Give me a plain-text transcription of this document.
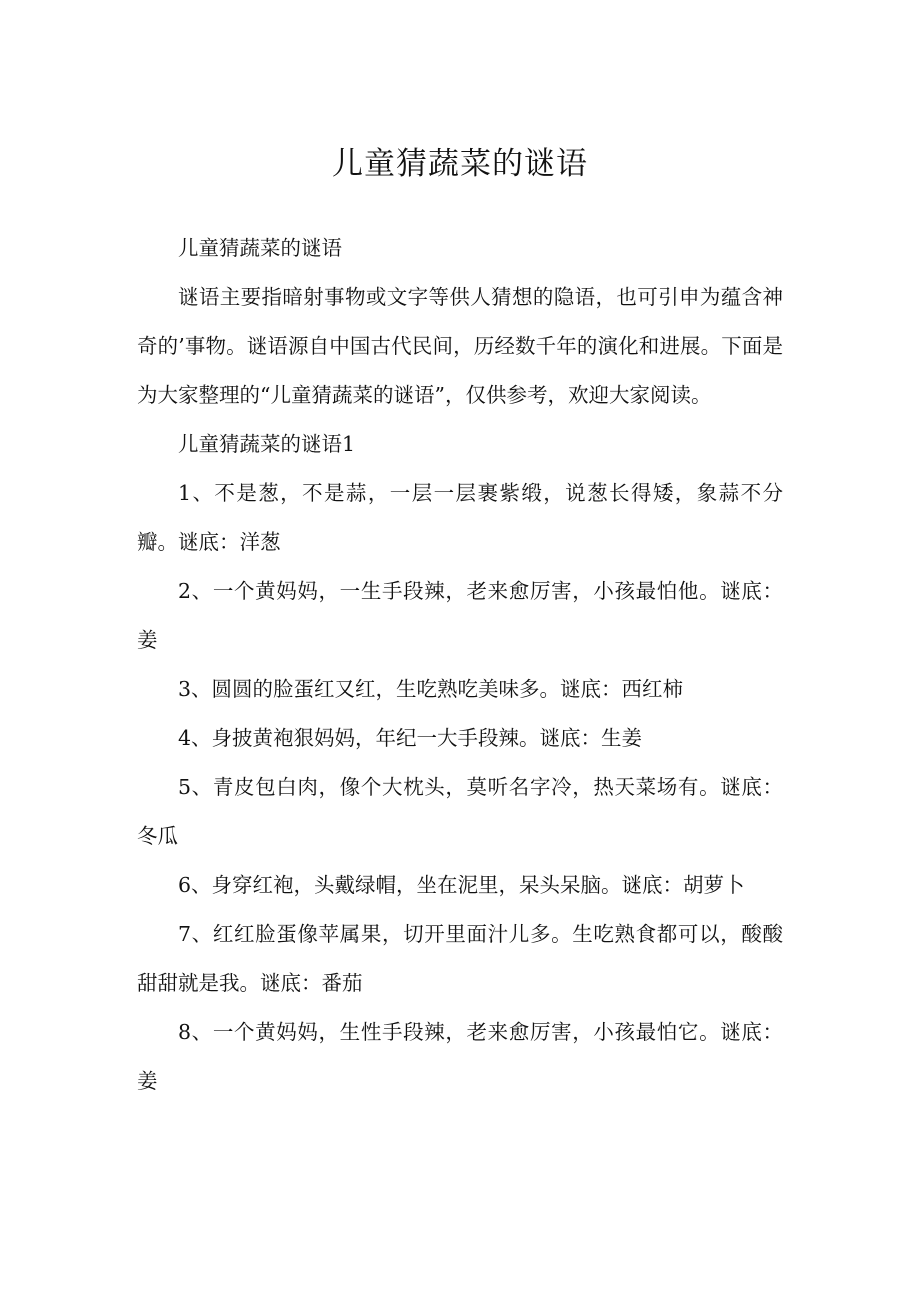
儿童猜蔬菜的谜语

儿童猜蔬菜的谜语

谜语主要指暗射事物或文字等供人猜想的隐语，也可引申为蕴含神奇的’事物。谜语源自中国古代民间，历经数千年的演化和进展。下面是为大家整理的“儿童猜蔬菜的谜语”，仅供参考，欢迎大家阅读。

儿童猜蔬菜的谜语1

1、不是葱，不是蒜，一层一层裹紫缎，说葱长得矮，象蒜不分瓣。谜底：洋葱

2、一个黄妈妈，一生手段辣，老来愈厉害，小孩最怕他。谜底：姜

3、圆圆的脸蛋红又红，生吃熟吃美味多。谜底：西红柿

4、身披黄袍狠妈妈，年纪一大手段辣。谜底：生姜

5、青皮包白肉，像个大枕头，莫听名字冷，热天菜场有。谜底：冬瓜

6、身穿红袍，头戴绿帽，坐在泥里，呆头呆脑。谜底：胡萝卜

7、红红脸蛋像苹属果，切开里面汁儿多。生吃熟食都可以，酸酸甜甜就是我。谜底：番茄

8、一个黄妈妈，生性手段辣，老来愈厉害，小孩最怕它。谜底：姜
